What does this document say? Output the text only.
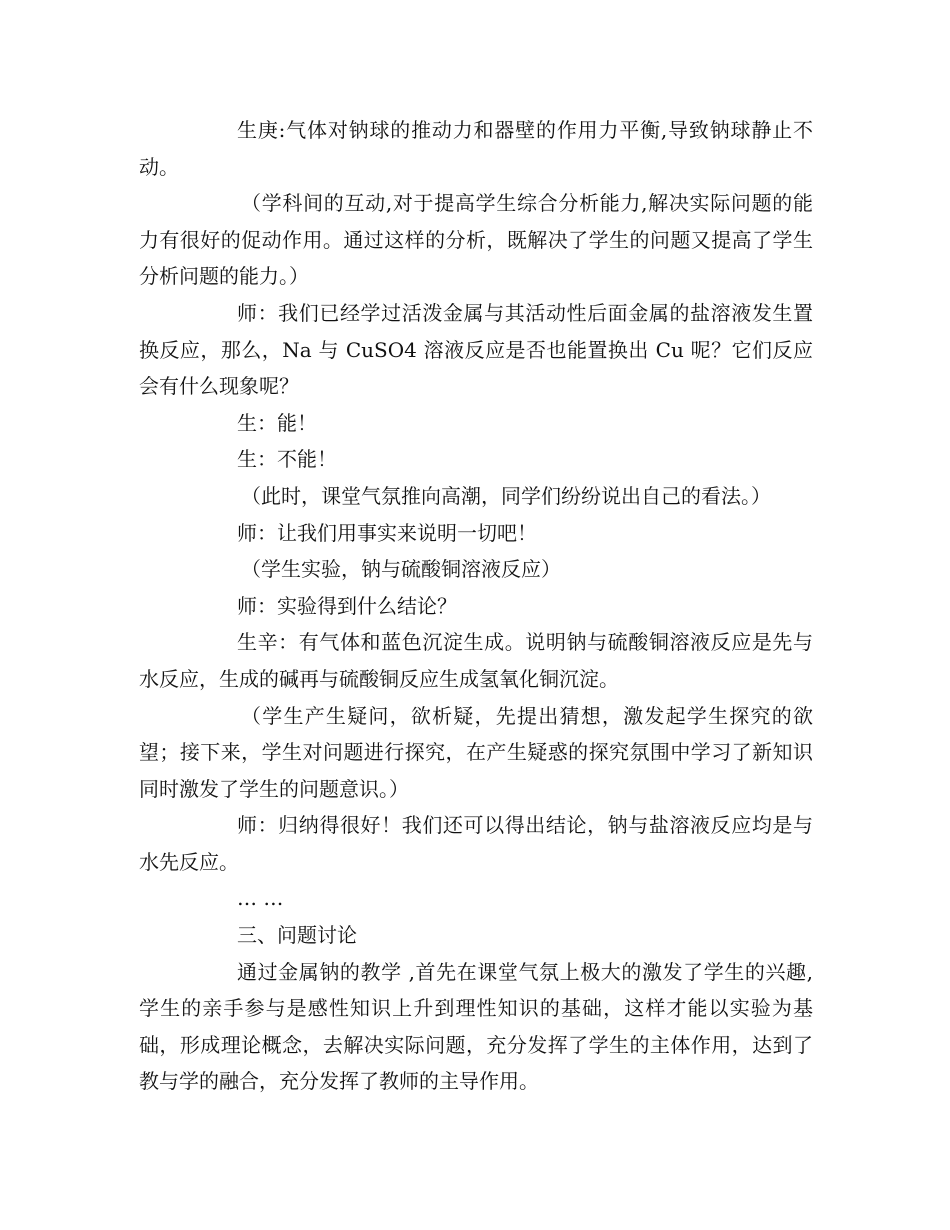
生庚:气体对钠球的推动力和器壁的作用力平衡,导致钠球静止不动。

（学科间的互动,对于提高学生综合分析能力,解决实际问题的能力有很好的促动作用。通过这样的分析，既解决了学生的问题又提高了学生分析问题的能力。）

师：我们已经学过活泼金属与其活动性后面金属的盐溶液发生置换反应，那么，Na 与 CuSO4 溶液反应是否也能置换出 Cu 呢？它们反应会有什么现象呢？

生：能！

生：不能！

（此时，课堂气氛推向高潮，同学们纷纷说出自己的看法。）

师：让我们用事实来说明一切吧！

（学生实验，钠与硫酸铜溶液反应）

师：实验得到什么结论？

生辛：有气体和蓝色沉淀生成。说明钠与硫酸铜溶液反应是先与水反应，生成的碱再与硫酸铜反应生成氢氧化铜沉淀。

（学生产生疑问，欲析疑，先提出猜想，激发起学生探究的欲望；接下来，学生对问题进行探究，在产生疑惑的探究氛围中学习了新知识同时激发了学生的问题意识。）

师：归纳得很好！我们还可以得出结论，钠与盐溶液反应均是与水先反应。

… …

三、问题讨论

通过金属钠的教学 ,首先在课堂气氛上极大的激发了学生的兴趣,学生的亲手参与是感性知识上升到理性知识的基础，这样才能以实验为基础，形成理论概念，去解决实际问题，充分发挥了学生的主体作用，达到了教与学的融合，充分发挥了教师的主导作用。
